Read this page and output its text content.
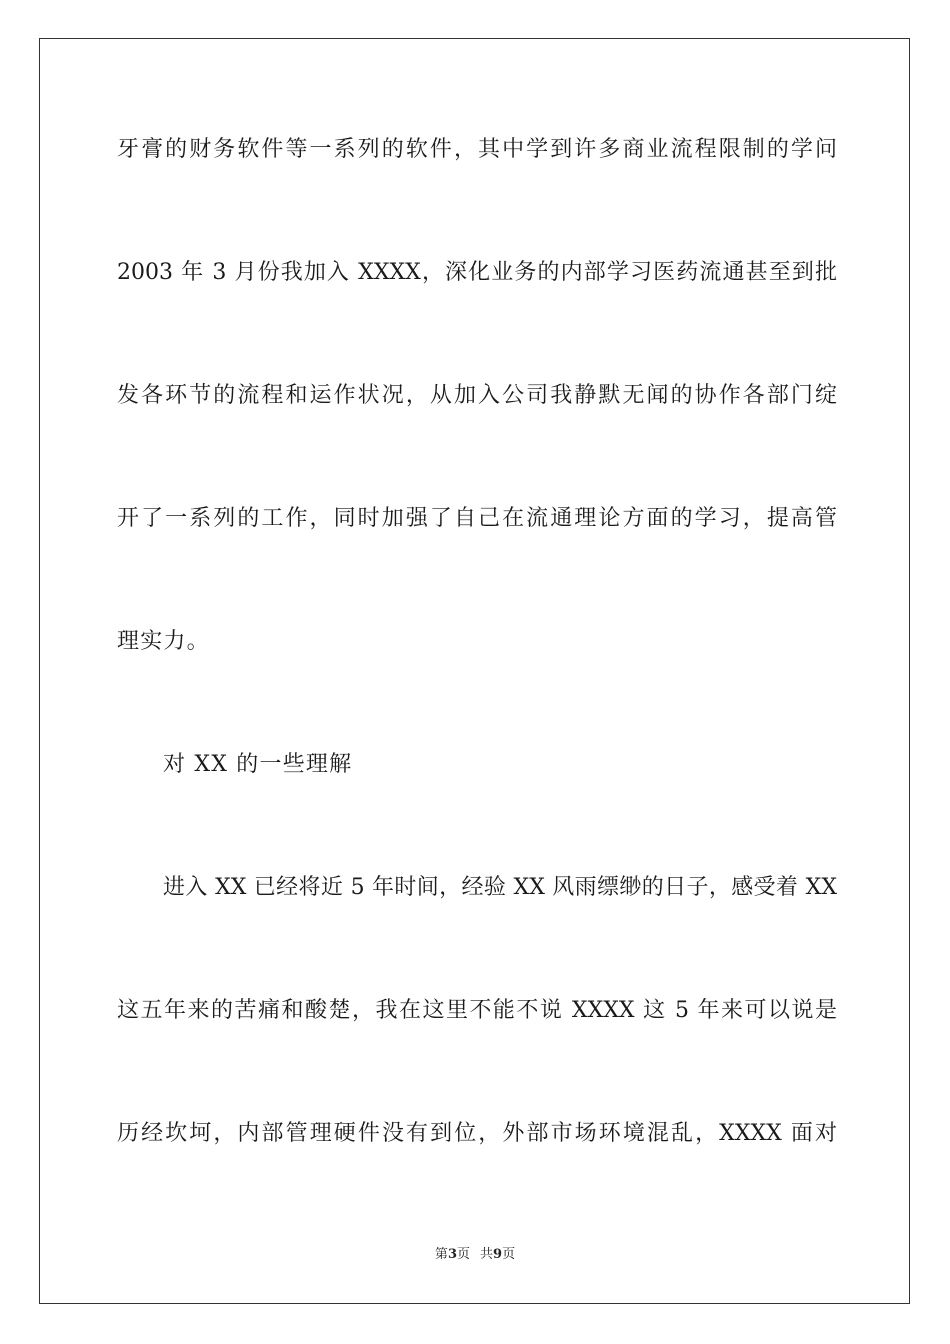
牙膏的财务软件等一系列的软件，其中学到许多商业流程限制的学问
2003 年 3 月份我加入 XXXX，深化业务的内部学习医药流通甚至到批
发各环节的流程和运作状况，从加入公司我静默无闻的协作各部门绽
开了一系列的工作，同时加强了自己在流通理论方面的学习，提高管
理实力。
对 XX 的一些理解
进入 XX 已经将近 5 年时间，经验 XX 风雨缥缈的日子，感受着 XX
这五年来的苦痛和酸楚，我在这里不能不说 XXXX 这 5 年来可以说是
历经坎坷，内部管理硬件没有到位，外部市场环境混乱，XXXX 面对
第3页 共9页
